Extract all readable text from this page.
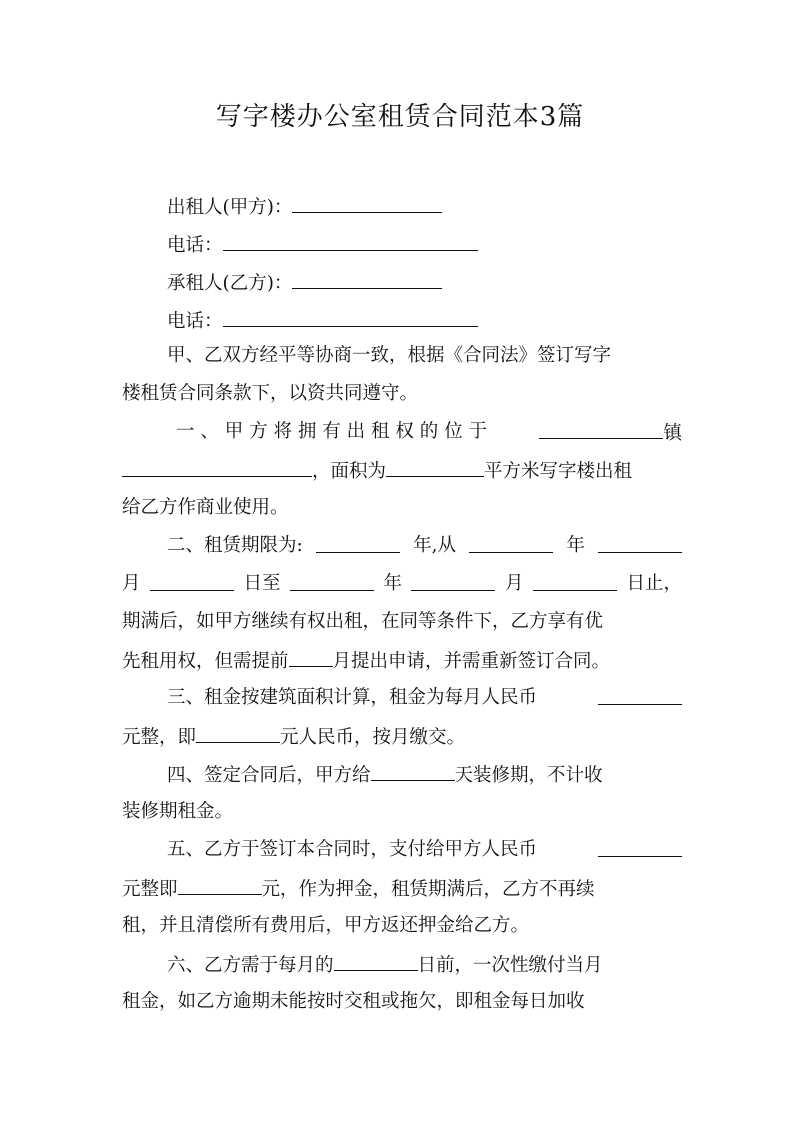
写字楼办公室租赁合同范本3篇
出租人(甲方)：
电话：
承租人(乙方)：
电话：
甲、乙双方经平等协商一致，根据《合同法》签订写字
楼租赁合同条款下，以资共同遵守。
一 、 甲 方 将 拥 有 出 租 权 的 位 于	镇
，面积为	平方米写字楼出租
给乙方作商业使用。
二、租赁期限为:	年,从	年
月	日至	年	月	日止，
期满后，如甲方继续有权出租，在同等条件下，乙方享有优
先租用权，但需提前 月提出申请，并需重新签订合同。
三、租金按建筑面积计算，租金为每月人民币
元整，即	元人民币，按月缴交。
四、签定合同后，甲方给	天装修期，不计收
装修期租金。
五、乙方于签订本合同时，支付给甲方人民币
元整即	元，作为押金，租赁期满后，乙方不再续
租，并且清偿所有费用后，甲方返还押金给乙方。
六、乙方需于每月的	日前，一次性缴付当月
租金，如乙方逾期未能按时交租或拖欠，即租金每日加收
